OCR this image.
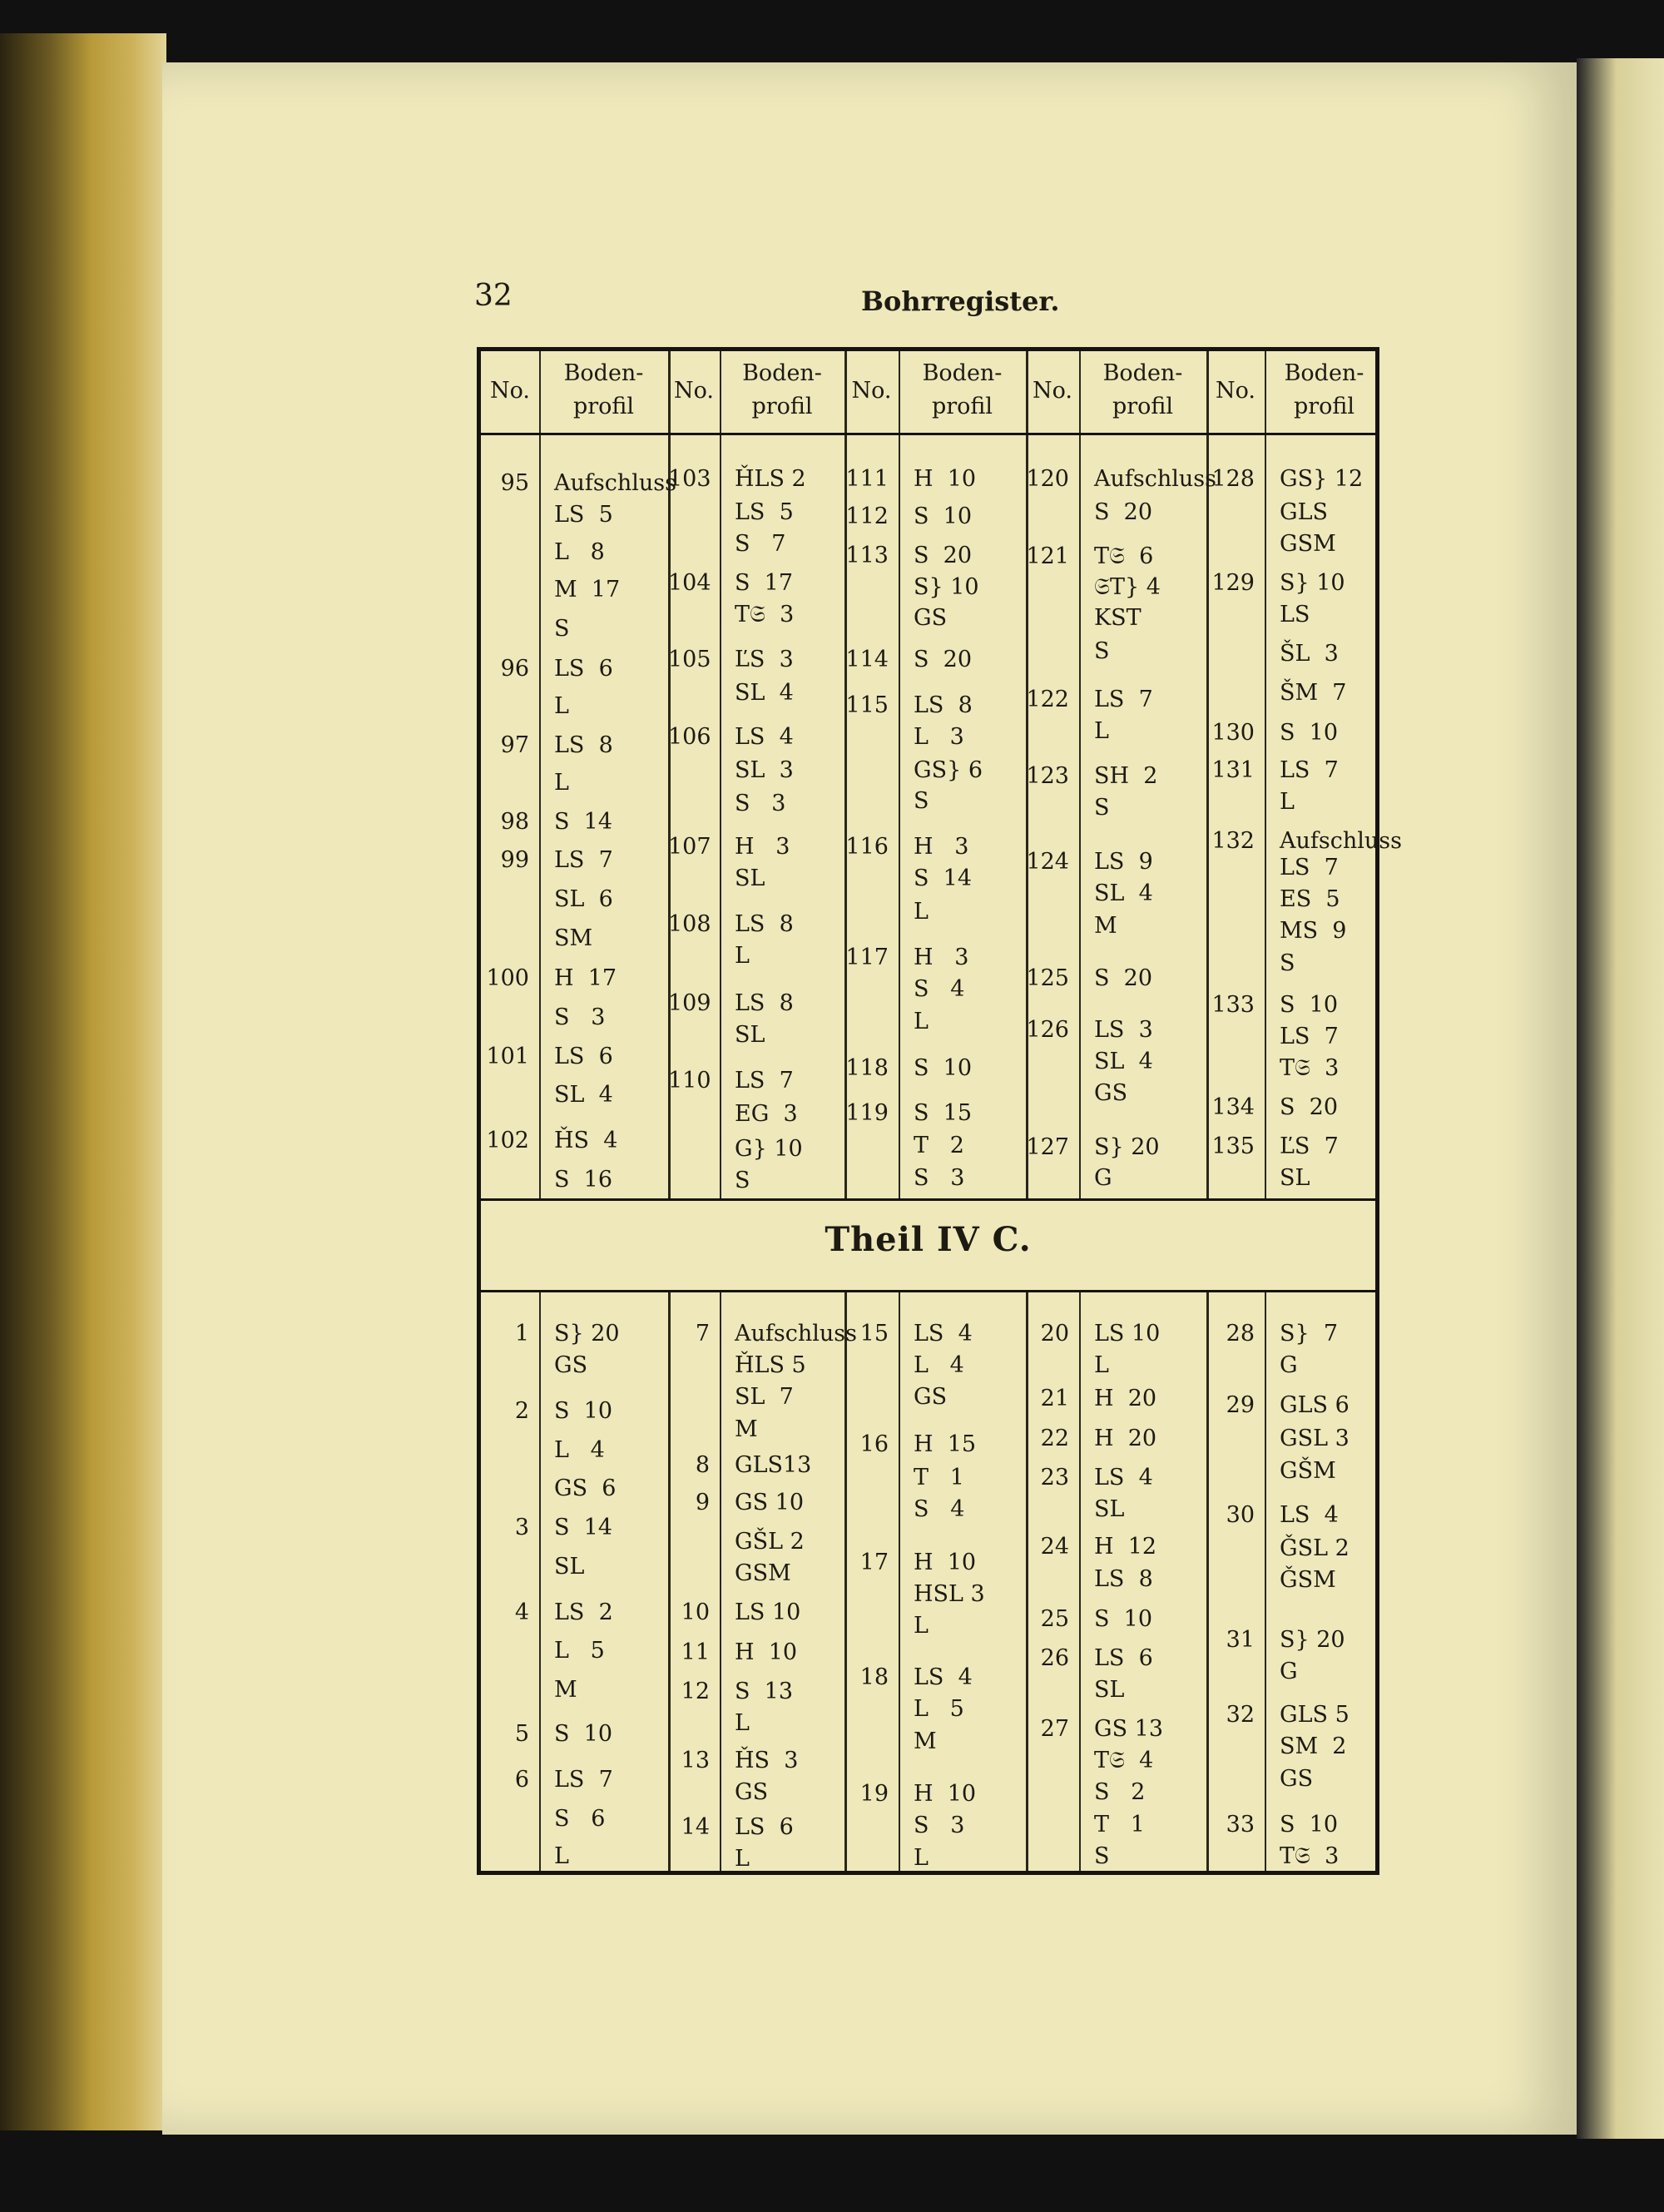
32	Bohrregister.
Theil IV C.
No.
Boden-
profil
No.
Boden-
profil
No.
Boden-
profil
No.
Boden-
profil
No.
Boden-
profil
95 Aufschluss
LS  5
L   8
M  17
S
96 LS  6
L
97 LS  8
L
98 S  14
99 LS  7
SL  6
SM
100 H  17
S   3
101 LS  6
SL  4
102 ȞS  4
S  16
103 ȞLS 2
LS  5
S   7
104 S  17
T𝔖  3
105 ĽS  3
SL  4
106 LS  4
SL  3
S   3
107 H   3
SL
108 LS  8
L
109 LS  8
SL
110 LS  7
EG  3
G} 10
S
111 H  10
112 S  10
113 S  20
S} 10
GS
114 S  20
115 LS  8
L   3
GS} 6
S
116 H   3
S  14
L
117 H   3
S   4
L
118 S  10
119 S  15
T   2
S   3
120 Aufschluss
S  20
121 T𝔖  6
𝔖T} 4
KST
S
122 LS  7
L
123 SH  2
S
124 LS  9
SL  4
M
125 S  20
126 LS  3
SL  4
GS
127 S} 20
G
128 GS} 12
GLS
GSM
129 S} 10
LS
ŠL  3
ŠM  7
130 S  10
131 LS  7
L
132 Aufschluss
LS  7
ES  5
MS  9
S
133 S  10
LS  7
T𝔖  3
134 S  20
135 ĽS  7
SL
1 S} 20
GS
2 S  10
L   4
GS  6
3 S  14
SL
4 LS  2
L   5
M
5 S  10
6 LS  7
S   6
L
7 Aufschluss
ȞLS 5
SL  7
M
8 GLS13
9 GS 10
GŠL 2
GSM
10 LS 10
11 H  10
12 S  13
L
13 ȞS  3
GS
14 LS  6
L
15 LS  4
L   4
GS
16 H  15
T   1
S   4
17 H  10
HSL 3
L
18 LS  4
L   5
M
19 H  10
S   3
L
20 LS 10
L
21 H  20
22 H  20
23 LS  4
SL
24 H  12
LS  8
25 S  10
26 LS  6
SL
27 GS 13
T𝔖  4
S   2
T   1
S
28 S}  7
G
29 GLS 6
GSL 3
GŠM
30 LS  4
ǦSL 2
ǦSM
31 S} 20
G
32 GLS 5
SM  2
GS
33 S  10
T𝔖  3
